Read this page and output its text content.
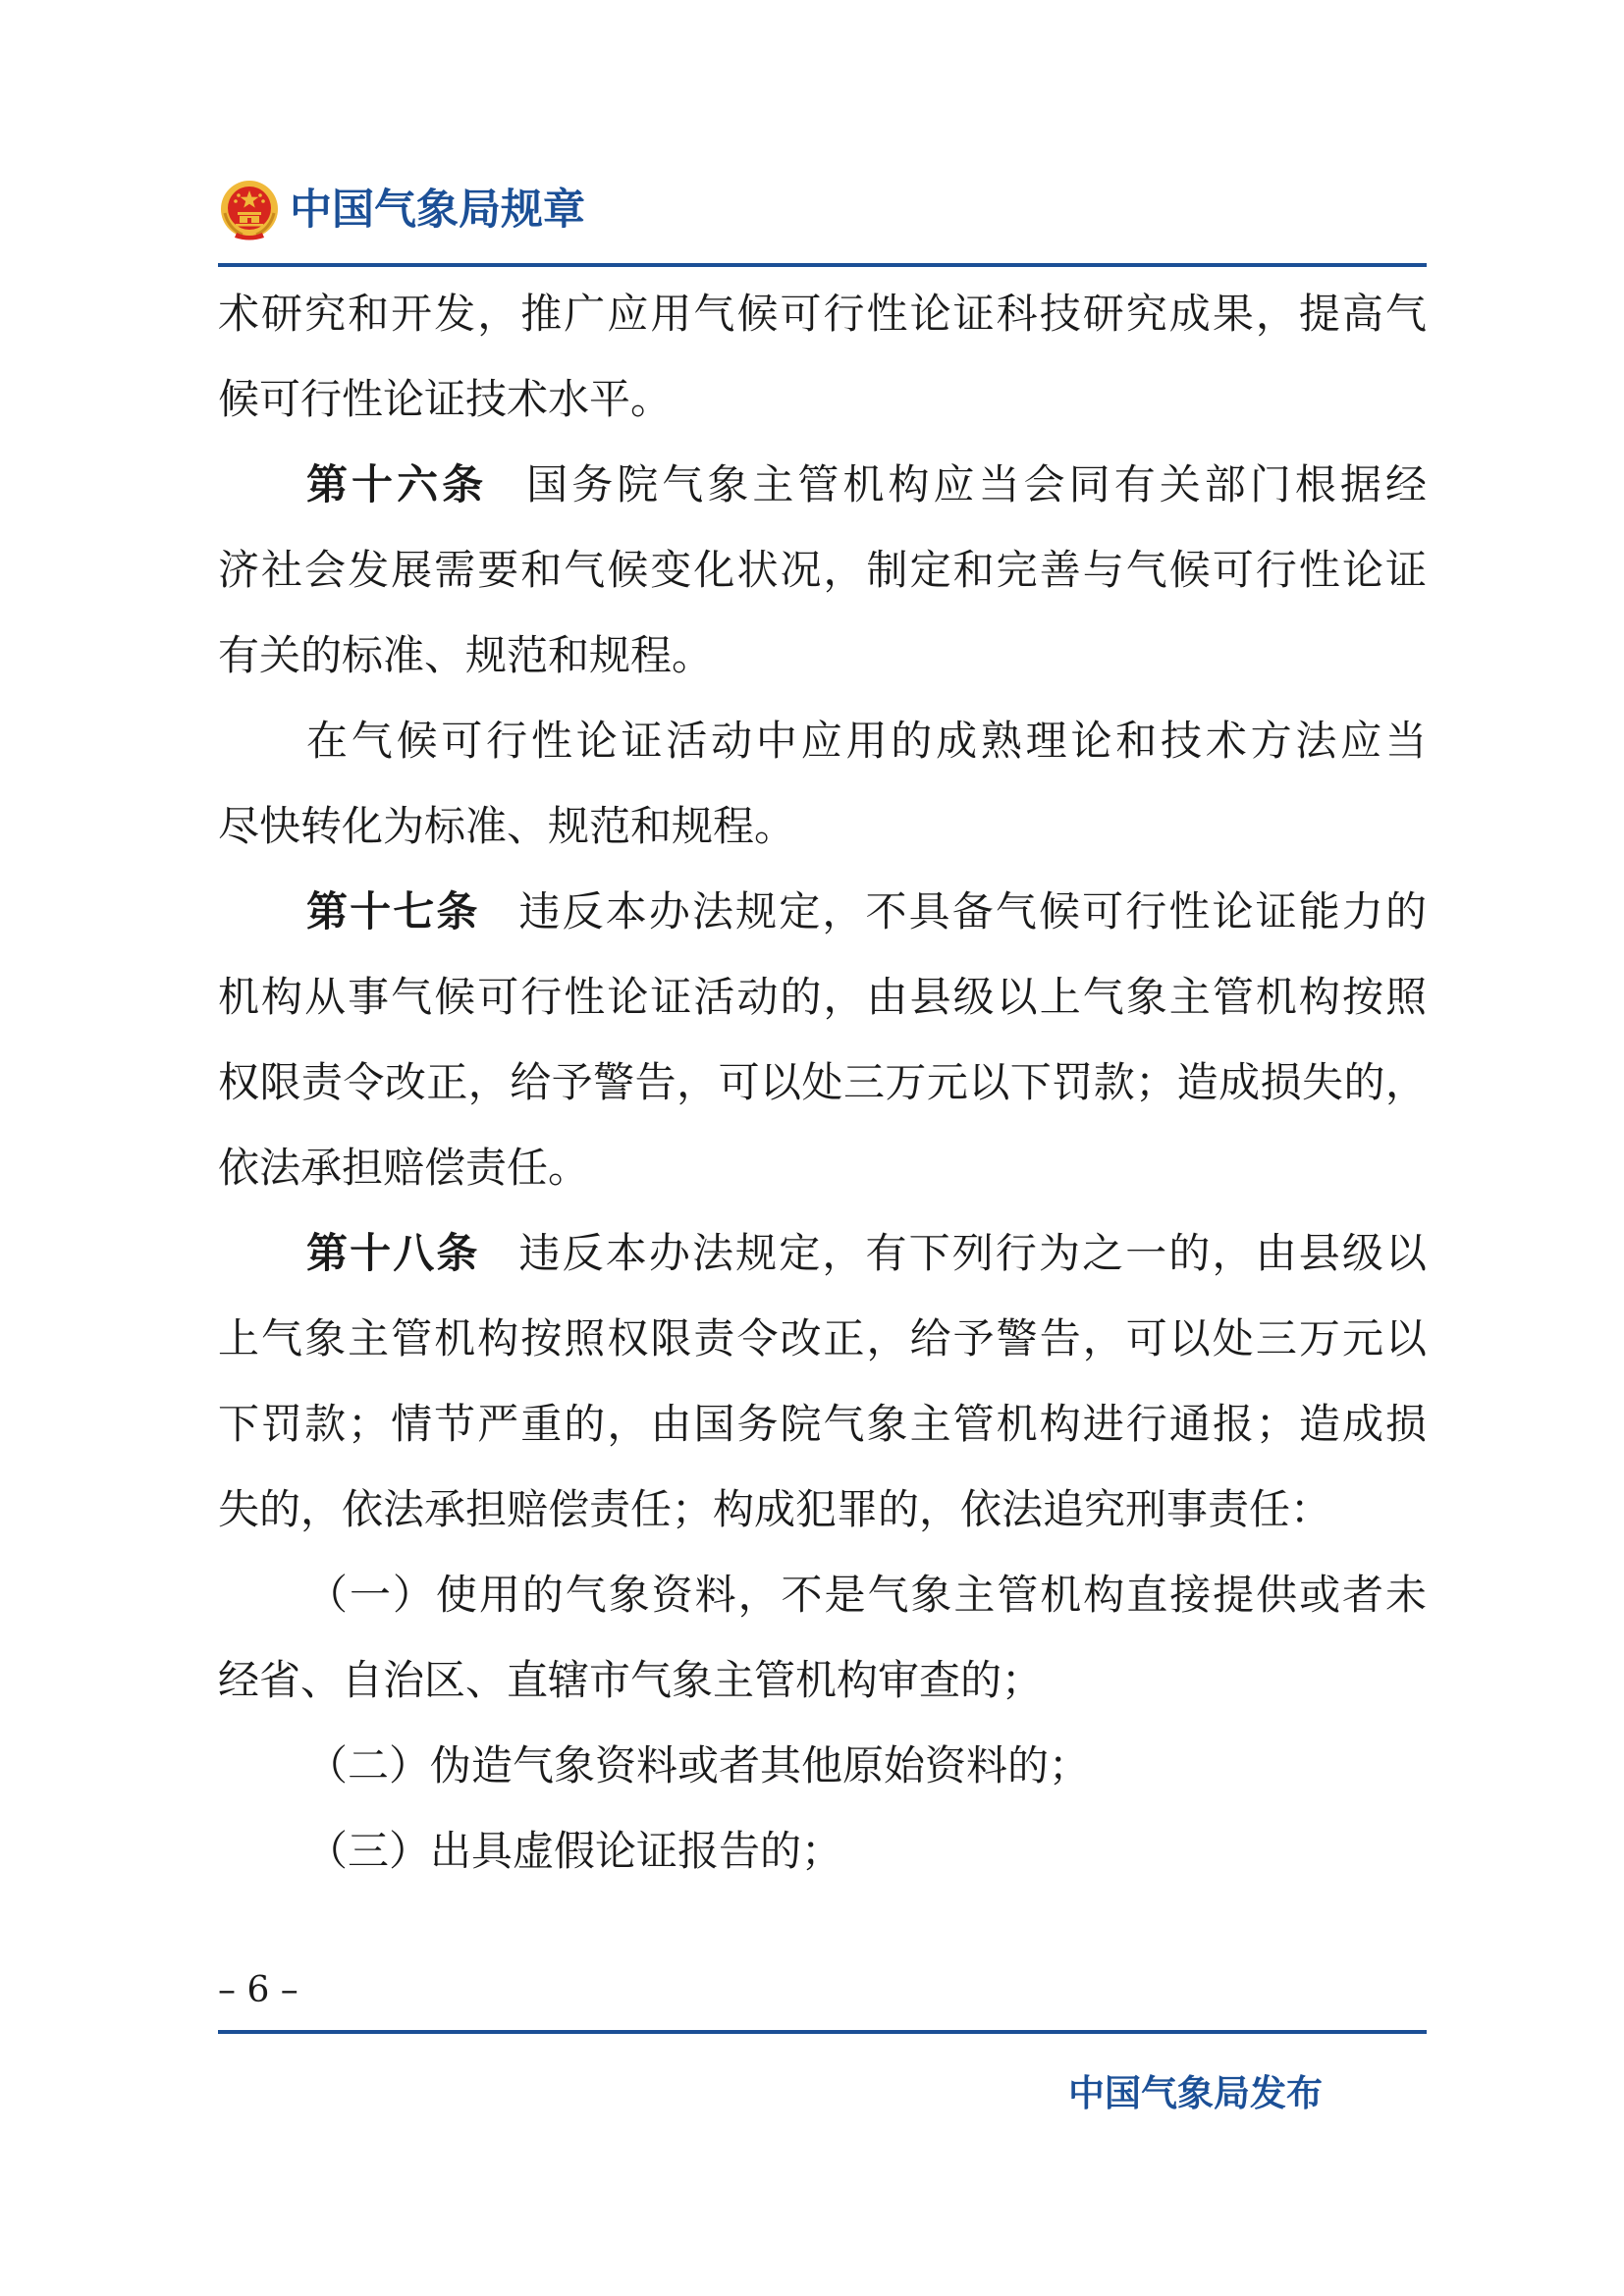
中国气象局规章
术研究和开发，推广应用气候可行性论证科技研究成果，提高气
候可行性论证技术水平。
第十六条 国务院气象主管机构应当会同有关部门根据经
济社会发展需要和气候变化状况，制定和完善与气候可行性论证
有关的标准、规范和规程。
在气候可行性论证活动中应用的成熟理论和技术方法应当
尽快转化为标准、规范和规程。
第十七条 违反本办法规定，不具备气候可行性论证能力的
机构从事气候可行性论证活动的，由县级以上气象主管机构按照
权限责令改正，给予警告，可以处三万元以下罚款；造成损失的，
依法承担赔偿责任。
第十八条 违反本办法规定，有下列行为之一的，由县级以
上气象主管机构按照权限责令改正，给予警告，可以处三万元以
下罚款；情节严重的，由国务院气象主管机构进行通报；造成损
失的，依法承担赔偿责任；构成犯罪的，依法追究刑事责任：
（一）使用的气象资料，不是气象主管机构直接提供或者未
经省、自治区、直辖市气象主管机构审查的；
（二）伪造气象资料或者其他原始资料的；
（三）出具虚假论证报告的；
– 6 –
中国气象局发布
